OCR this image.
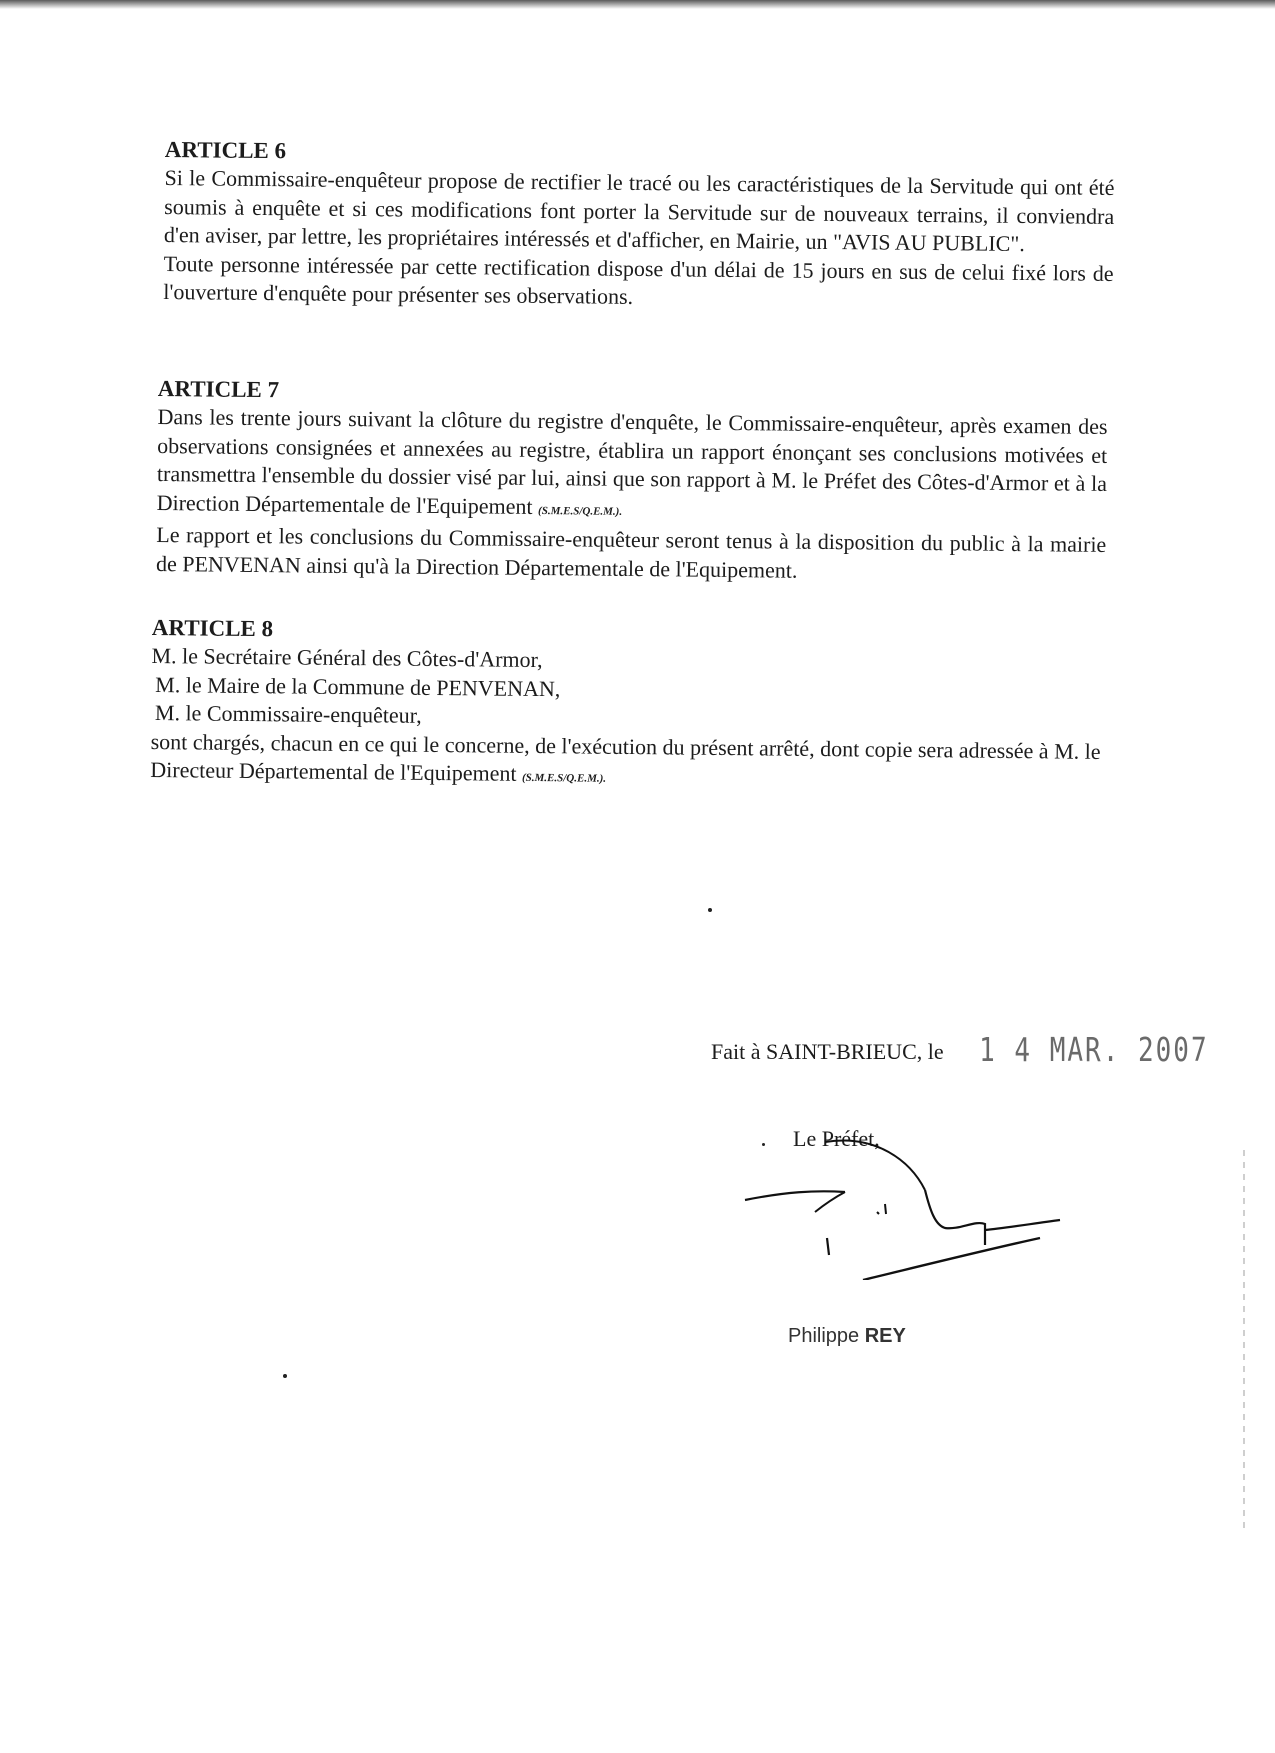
ARTICLE 6

Si le Commissaire-enquêteur propose de rectifier le tracé ou les caractéristiques de la Servitude qui ont été soumis à enquête et si ces modifications font porter la Servitude sur de nouveaux terrains, il conviendra d'en aviser, par lettre, les propriétaires intéressés et d'afficher, en Mairie, un "AVIS AU PUBLIC".

Toute personne intéressée par cette rectification dispose d'un délai de 15 jours en sus de celui fixé lors de l'ouverture d'enquête pour présenter ses observations.

ARTICLE 7

Dans les trente jours suivant la clôture du registre d'enquête, le Commissaire-enquêteur, après examen des observations consignées et annexées au registre, établira un rapport énonçant ses conclusions motivées et transmettra l'ensemble du dossier visé par lui, ainsi que son rapport à M. le Préfet des Côtes-d'Armor et à la Direction Départementale de l'Equipement (S.M.E.S/Q.E.M.).

Le rapport et les conclusions du Commissaire-enquêteur seront tenus à la disposition du public à la mairie de PENVENAN ainsi qu'à la Direction Départementale de l'Equipement.

ARTICLE 8

M. le Secrétaire Général des Côtes-d'Armor,

M. le Maire de la Commune de PENVENAN,

M. le Commissaire-enquêteur,

sont chargés, chacun en ce qui le concerne, de l'exécution du présent arrêté, dont copie sera adressée à M. le Directeur Départemental de l'Equipement (S.M.E.S/Q.E.M.).

Fait à SAINT-BRIEUC, le 1 4 MAR. 2007
Le Préfet,
Philippe REY
